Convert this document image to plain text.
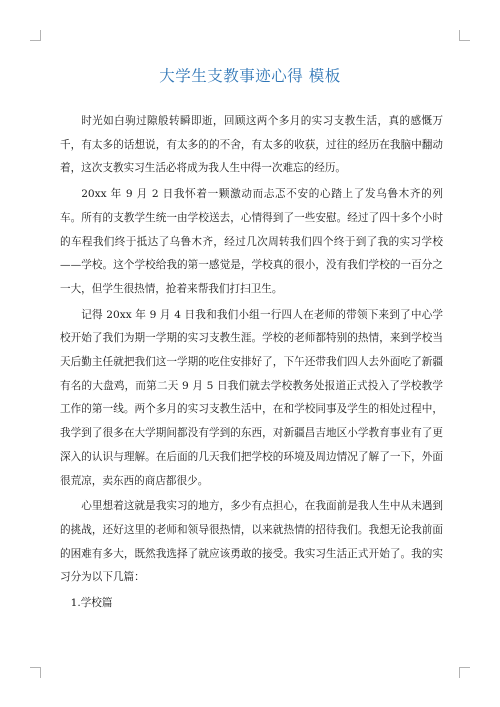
大学生支教事迹心得 模板

时光如白驹过隙般转瞬即逝，回顾这两个多月的实习支教生活，真的感慨万千，有太多的话想说，有太多的的不舍，有太多的收获，过往的经历在我脑中翻动着，这次支教实习生活必将成为我人生中得一次难忘的经历。

20xx 年 9 月 2 日我怀着一颗激动而忐忑不安的心踏上了发乌鲁木齐的列车。所有的支教学生统一由学校送去，心情得到了一些安慰。经过了四十多个小时的车程我们终于抵达了乌鲁木齐，经过几次周转我们四个终于到了我的实习学校——学校。这个学校给我的第一感觉是，学校真的很小，没有我们学校的一百分之一大，但学生很热情，抢着来帮我们打扫卫生。

记得 20xx 年 9 月 4 日我和我们小组一行四人在老师的带领下来到了中心学校开始了我们为期一学期的实习支教生涯。学校的老师都特别的热情，来到学校当天后勤主任就把我们这一学期的吃住安排好了，下午还带我们四人去外面吃了新疆有名的大盘鸡，而第二天 9 月 5 日我们就去学校教务处报道正式投入了学校教学工作的第一线。两个多月的实习支教生活中，在和学校同事及学生的相处过程中，我学到了很多在大学期间都没有学到的东西，对新疆昌吉地区小学教育事业有了更深入的认识与理解。在后面的几天我们把学校的环境及周边情况了解了一下，外面很荒凉，卖东西的商店都很少。

心里想着这就是我实习的地方，多少有点担心，在我面前是我人生中从未遇到的挑战，还好这里的老师和领导很热情，以来就热情的招待我们。我想无论我前面的困难有多大，既然我选择了就应该勇敢的接受。我实习生活正式开始了。我的实习分为以下几篇：

1.学校篇
